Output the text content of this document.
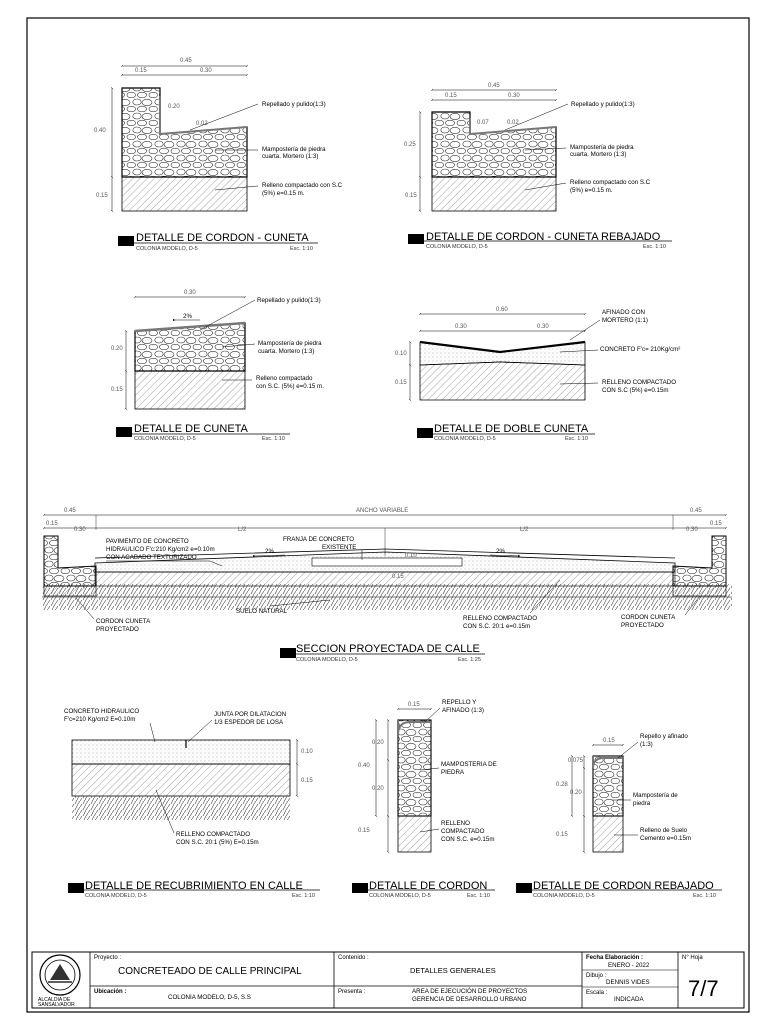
0.45
0.15	0.30
0.40
0.15
0.20
0.02
Repellado y pulido(1:3)
Mampostería de piedra
cuarta. Mortero (1:3)
Relleno compactado con S.C
(5%) e=0.15 m.
DETALLE DE CORDON - CUNETA
COLONIA MODELO, D-5	Esc. 1:10
0.45
0.15	0.30
0.07	0.02
0.25
0.15
Repellado y pulido(1:3)
Mampostería de piedra
cuarta. Mortero (1:3)
Relleno compactado con S.C
(5%) e=0.15 m.
DETALLE DE CORDON - CUNETA REBAJADO
COLONIA MODELO, D-5	Esc. 1:10
0.30
0.20
0.15
2%
Repellado y pulido(1:3)
Mampostería de piedra
cuarta. Mortero (1:3)
Relleno compactado
con S.C. (5%) e=0.15 m.
DETALLE DE CUNETA
COLONIA MODELO, D-5	Esc. 1:10
0.60
0.30	0.30
0.10
0.15
AFINADO CON
MORTERO (1:1)
CONCRETO F'c= 210Kg/cm²
RELLENO COMPACTADO
CON S.C (5%) e=0.15m
DETALLE DE DOBLE CUNETA
COLONIA MODELO, D-5	Esc. 1:10
0.45	0.45
ANCHO VARIABLE
0.15
0.30	L/2	L/2	0.30
0.15
0.10
0.15
2%	2%
PAVIMENTO DE CONCRETO
HIDRAULICO F'c:210 Kg/cm2 e=0.10m
CON ACABADO TEXTURIZADO
FRANJA DE CONCRETO
EXISTENTE
SUELO NATURAL
RELLENO COMPACTADO
CON S.C. 20:1 e=0.15m
CORDON CUNETA
PROYECTADO
CORDON CUNETA
PROYECTADO
SECCION PROYECTADA DE CALLE
COLONIA MODELO, D-5	Esc. 1:25
0.10
0.15
CONCRETO HIDRAULICO
F'c=210 Kg/cm2 E=0.10m
JUNTA POR DILATACION
1/3 ESPEDOR DE LOSA
RELLENO COMPACTADO
CON S.C. 20:1 (5%) E=0.15m
DETALLE DE RECUBRIMIENTO EN CALLE
COLONIA MODELO, D-5	Esc. 1:10
0.15
0.20
0.40
0.20
0.15
REPELLO Y
AFINADO (1:3)
MAMPOSTERIA DE
PIEDRA
RELLENO
COMPACTADO
CON S.C. e=0.15m
DETALLE DE CORDON
COLONIA MODELO, D-5	Esc. 1:10
0.15
0.075
0.28
0.20
0.15
Repello y afinado
(1:3)
Mampostería de
piedra
Relleno de Suelo
Cemento e=0.15m
DETALLE DE CORDON REBAJADO
COLONIA MODELO, D-5	Esc. 1:10
ALCALDIA DE
SANSALVADOR
Proyecto :
CONCRETEADO DE CALLE PRINCIPAL
Ubicación :
COLONIA MODELO, D-5, S.S
Contenido :
DETALLES GENERALES
Presenta :	AREA DE EJECUCIÓN DE PROYECTOS
GERENCIA DE DESARROLLO URBANO
Fecha Elaboración :
ENERO - 2022
Dibujo :
DENNIS VIDES
Escala :
INDICADA
N° Hoja
7/7
